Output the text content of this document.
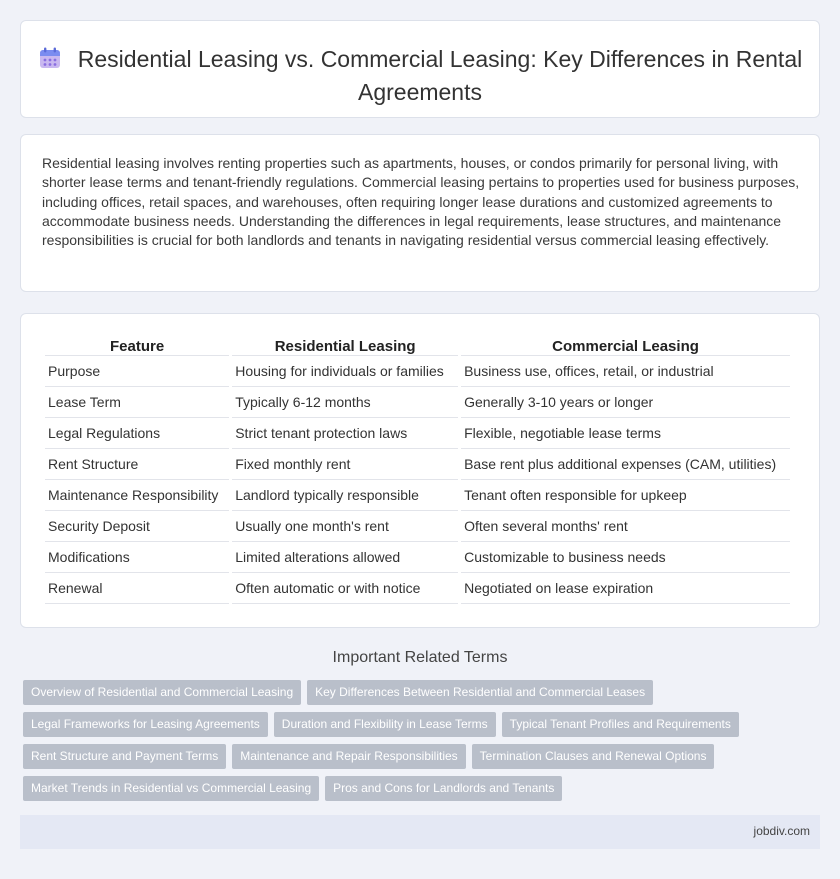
Residential Leasing vs. Commercial Leasing: Key Differences in Rental Agreements

Residential leasing involves renting properties such as apartments, houses, or condos primarily for personal living, with shorter lease terms and tenant-friendly regulations. Commercial leasing pertains to properties used for business purposes, including offices, retail spaces, and warehouses, often requiring longer lease durations and customized agreements to accommodate business needs. Understanding the differences in legal requirements, lease structures, and maintenance responsibilities is crucial for both landlords and tenants in navigating residential versus commercial leasing effectively.

Feature	Residential Leasing	Commercial Leasing
Purpose	Housing for individuals or families	Business use, offices, retail, or industrial
Lease Term	Typically 6-12 months	Generally 3-10 years or longer
Legal Regulations	Strict tenant protection laws	Flexible, negotiable lease terms
Rent Structure	Fixed monthly rent	Base rent plus additional expenses (CAM, utilities)
Maintenance Responsibility	Landlord typically responsible	Tenant often responsible for upkeep
Security Deposit	Usually one month's rent	Often several months' rent
Modifications	Limited alterations allowed	Customizable to business needs
Renewal	Often automatic or with notice	Negotiated on lease expiration
Important Related Terms
Overview of Residential and Commercial Leasing Key Differences Between Residential and Commercial Leases
Legal Frameworks for Leasing Agreements Duration and Flexibility in Lease Terms Typical Tenant Profiles and Requirements
Rent Structure and Payment Terms Maintenance and Repair Responsibilities Termination Clauses and Renewal Options
Market Trends in Residential vs Commercial Leasing Pros and Cons for Landlords and Tenants
jobdiv.com
